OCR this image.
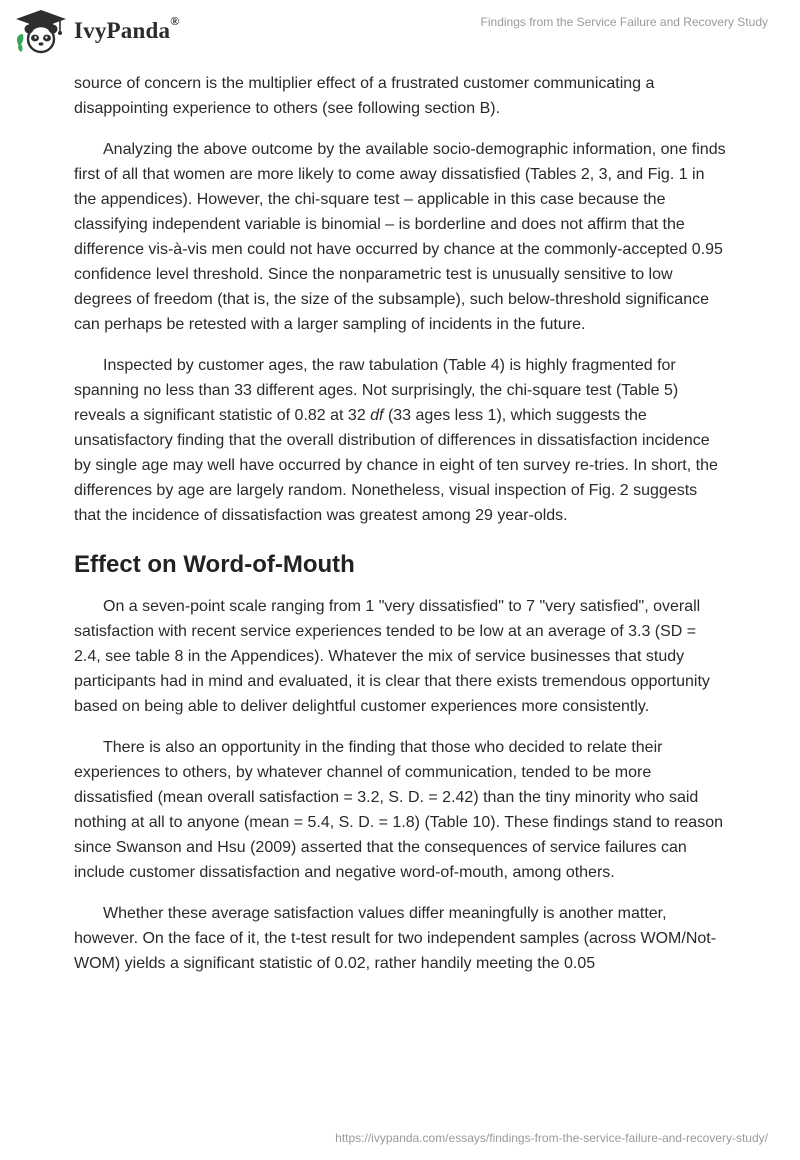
IvyPanda®	Findings from the Service Failure and Recovery Study

source of concern is the multiplier effect of a frustrated customer communicating a disappointing experience to others (see following section B).

Analyzing the above outcome by the available socio-demographic information, one finds first of all that women are more likely to come away dissatisfied (Tables 2, 3, and Fig. 1 in the appendices). However, the chi-square test – applicable in this case because the classifying independent variable is binomial – is borderline and does not affirm that the difference vis-à-vis men could not have occurred by chance at the commonly-accepted 0.95 confidence level threshold. Since the nonparametric test is unusually sensitive to low degrees of freedom (that is, the size of the subsample), such below-threshold significance can perhaps be retested with a larger sampling of incidents in the future.

Inspected by customer ages, the raw tabulation (Table 4) is highly fragmented for spanning no less than 33 different ages. Not surprisingly, the chi-square test (Table 5) reveals a significant statistic of 0.82 at 32 df (33 ages less 1), which suggests the unsatisfactory finding that the overall distribution of differences in dissatisfaction incidence by single age may well have occurred by chance in eight of ten survey re-tries. In short, the differences by age are largely random. Nonetheless, visual inspection of Fig. 2 suggests that the incidence of dissatisfaction was greatest among 29 year-olds.

Effect on Word-of-Mouth

On a seven-point scale ranging from 1 "very dissatisfied" to 7 "very satisfied", overall satisfaction with recent service experiences tended to be low at an average of 3.3 (SD = 2.4, see table 8 in the Appendices). Whatever the mix of service businesses that study participants had in mind and evaluated, it is clear that there exists tremendous opportunity based on being able to deliver delightful customer experiences more consistently.

There is also an opportunity in the finding that those who decided to relate their experiences to others, by whatever channel of communication, tended to be more dissatisfied (mean overall satisfaction = 3.2, S. D. = 2.42) than the tiny minority who said nothing at all to anyone (mean = 5.4, S. D. = 1.8) (Table 10). These findings stand to reason since Swanson and Hsu (2009) asserted that the consequences of service failures can include customer dissatisfaction and negative word-of-mouth, among others.

Whether these average satisfaction values differ meaningfully is another matter, however. On the face of it, the t-test result for two independent samples (across WOM/Not-WOM) yields a significant statistic of 0.02, rather handily meeting the 0.05

https://ivypanda.com/essays/findings-from-the-service-failure-and-recovery-study/
